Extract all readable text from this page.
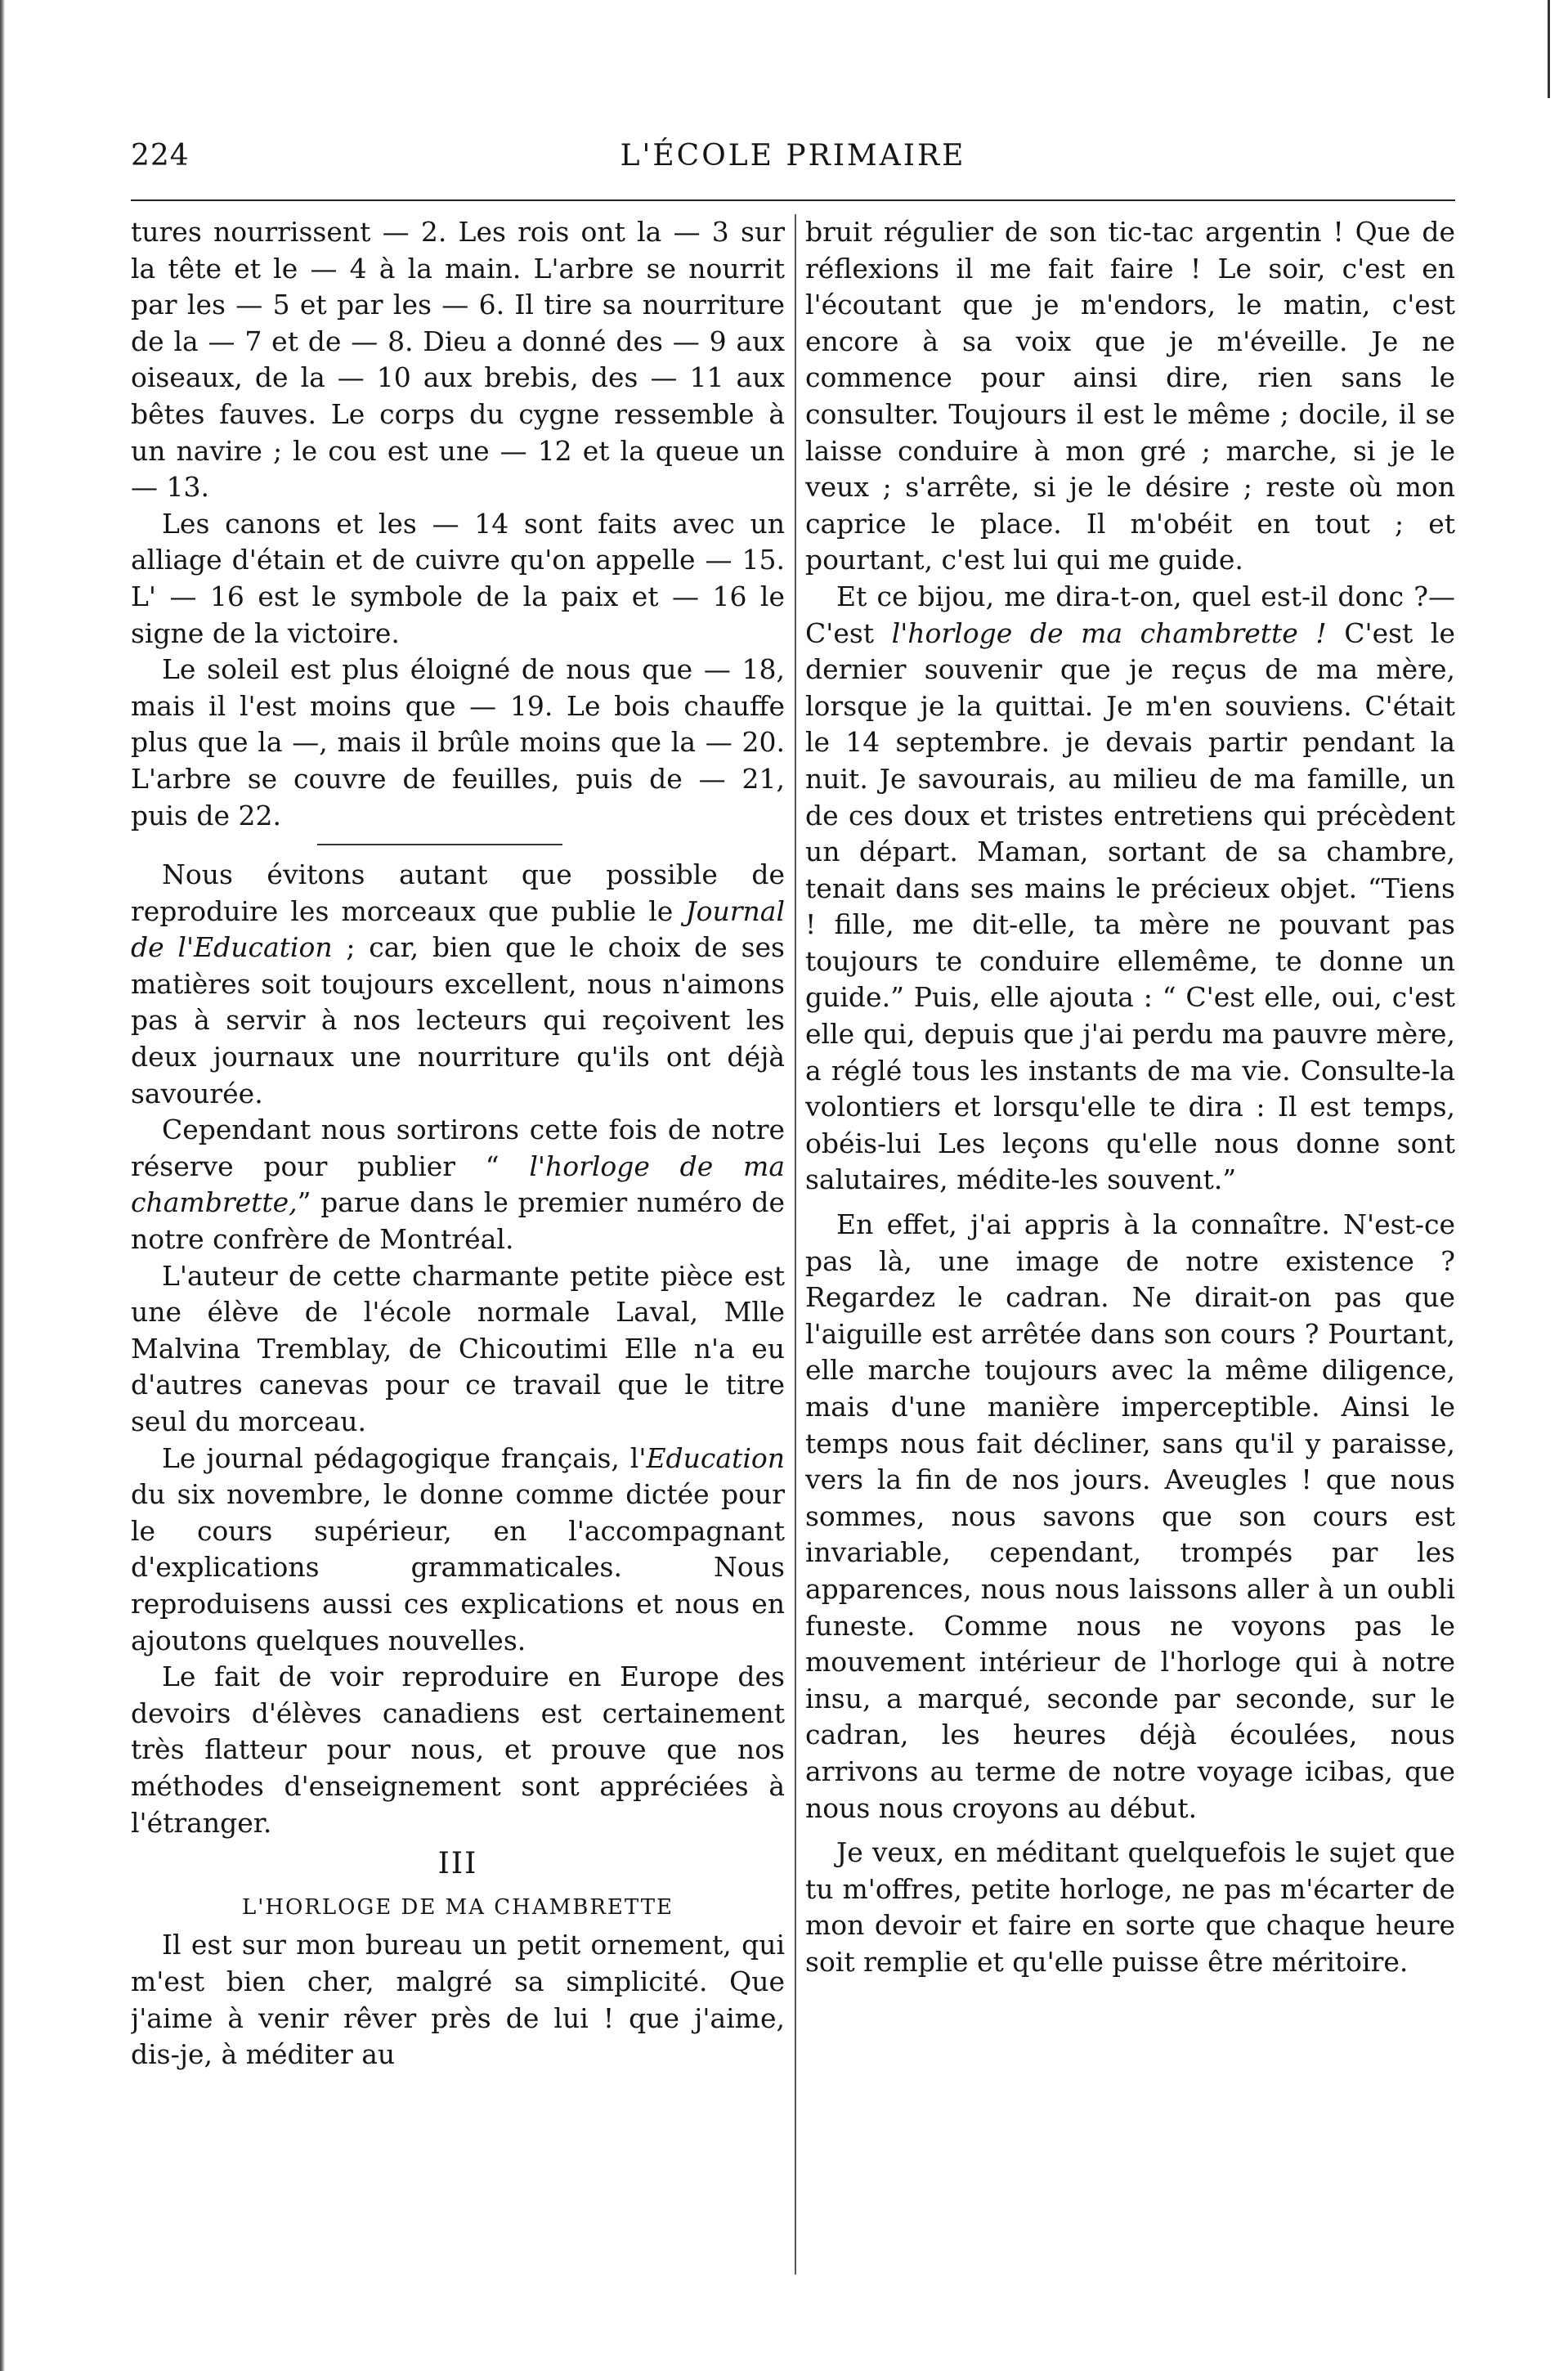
224	L'ÉCOLE PRIMAIRE

tures nourrissent — 2. Les rois ont la — 3 sur la tête et le — 4 à la main. L'arbre se nourrit par les — 5 et par les — 6. Il tire sa nourriture de la — 7 et de — 8. Dieu a donné des — 9 aux oiseaux, de la — 10 aux brebis, des — 11 aux bêtes fauves. Le corps du cygne ressemble à un navire ; le cou est une — 12 et la queue un — 13.

Les canons et les — 14 sont faits avec un alliage d'étain et de cuivre qu'on appelle — 15. L' — 16 est le symbole de la paix et — 16 le signe de la victoire.

Le soleil est plus éloigné de nous que — 18, mais il l'est moins que — 19. Le bois chauffe plus que la —, mais il brûle moins que la — 20. L'arbre se couvre de feuilles, puis de — 21, puis de 22.

Nous évitons autant que possible de reproduire les morceaux que publie le Journal de l'Education ; car, bien que le choix de ses matières soit toujours excellent, nous n'aimons pas à servir à nos lecteurs qui reçoivent les deux journaux une nourriture qu'ils ont déjà savourée.

Cependant nous sortirons cette fois de notre réserve pour publier “ l'horloge de ma chambrette,” parue dans le premier numéro de notre confrère de Montréal.

L'auteur de cette charmante petite pièce est une élève de l'école normale Laval, Mlle Malvina Tremblay, de Chicoutimi Elle n'a eu d'autres canevas pour ce travail que le titre seul du morceau.

Le journal pédagogique français, l'Education du six novembre, le donne comme dictée pour le cours supérieur, en l'accompagnant d'explications grammaticales. Nous reproduisens aussi ces explications et nous en ajoutons quelques nouvelles.

Le fait de voir reproduire en Europe des devoirs d'élèves canadiens est certainement très flatteur pour nous, et prouve que nos méthodes d'enseignement sont appréciées à l'étranger.

III
L'HORLOGE DE MA CHAMBRETTE

Il est sur mon bureau un petit ornement, qui m'est bien cher, malgré sa simplicité. Que j'aime à venir rêver près de lui ! que j'aime, dis-je, à méditer au

bruit régulier de son tic-tac argentin ! Que de réflexions il me fait faire ! Le soir, c'est en l'écoutant que je m'endors, le matin, c'est encore à sa voix que je m'éveille. Je ne commence pour ainsi dire, rien sans le consulter. Toujours il est le même ; docile, il se laisse conduire à mon gré ; marche, si je le veux ; s'arrête, si je le désire ; reste où mon caprice le place. Il m'obéit en tout ; et pourtant, c'est lui qui me guide.

Et ce bijou, me dira-t-on, quel est-il donc ?—C'est l'horloge de ma chambrette ! C'est le dernier souvenir que je reçus de ma mère, lorsque je la quittai. Je m'en souviens. C'était le 14 septembre. je devais partir pendant la nuit. Je savourais, au milieu de ma famille, un de ces doux et tristes entretiens qui précèdent un départ. Maman, sortant de sa chambre, tenait dans ses mains le précieux objet. “Tiens ! fille, me dit-elle, ta mère ne pouvant pas toujours te conduire ellemême, te donne un guide.” Puis, elle ajouta : “ C'est elle, oui, c'est elle qui, depuis que j'ai perdu ma pauvre mère, a réglé tous les instants de ma vie. Consulte-la volontiers et lorsqu'elle te dira : Il est temps, obéis-lui Les leçons qu'elle nous donne sont salutaires, médite-les souvent.”

En effet, j'ai appris à la connaître. N'est-ce pas là, une image de notre existence ? Regardez le cadran. Ne dirait-on pas que l'aiguille est arrêtée dans son cours ? Pourtant, elle marche toujours avec la même diligence, mais d'une manière imperceptible. Ainsi le temps nous fait décliner, sans qu'il y paraisse, vers la fin de nos jours. Aveugles ! que nous sommes, nous savons que son cours est invariable, cependant, trompés par les apparences, nous nous laissons aller à un oubli funeste. Comme nous ne voyons pas le mouvement intérieur de l'horloge qui à notre insu, a marqué, seconde par seconde, sur le cadran, les heures déjà écoulées, nous arrivons au terme de notre voyage icibas, que nous nous croyons au début.

Je veux, en méditant quelquefois le sujet que tu m'offres, petite horloge, ne pas m'écarter de mon devoir et faire en sorte que chaque heure soit remplie et qu'elle puisse être méritoire.
